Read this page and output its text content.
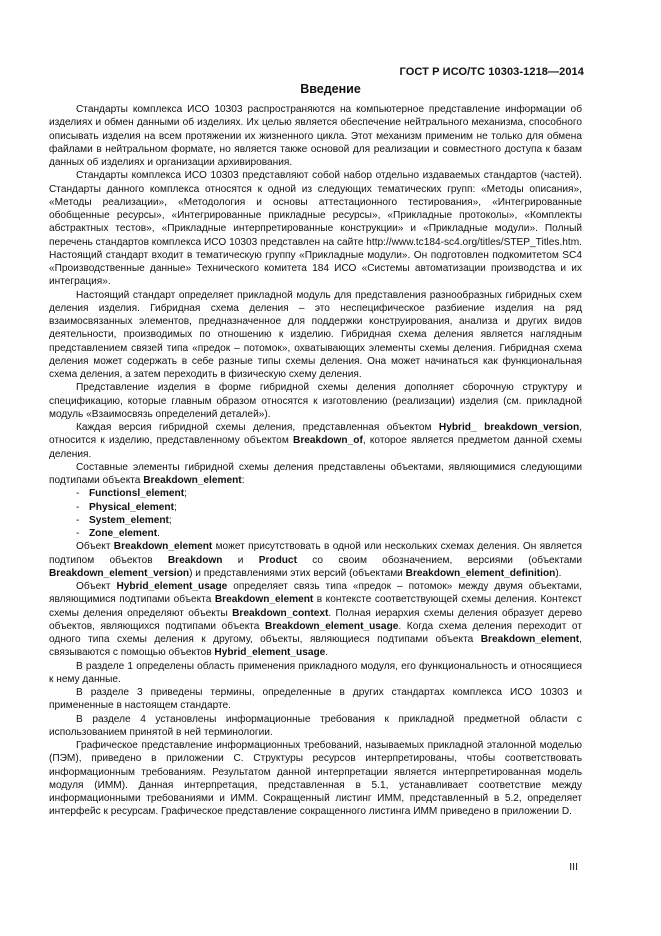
ГОСТ Р ИСО/ТС 10303-1218—2014
Введение

Стандарты комплекса ИСО 10303 распространяются на компьютерное представление информации об изделиях и обмен данными об изделиях. Их целью является обеспечение нейтрального механизма, способного описывать изделия на всем протяжении их жизненного цикла. Этот механизм применим не только для обмена файлами в нейтральном формате, но является также основой для реализации и совместного доступа к базам данных об изделиях и организации архивирования.

Стандарты комплекса ИСО 10303 представляют собой набор отдельно издаваемых стандартов (частей). Стандарты данного комплекса относятся к одной из следующих тематических групп: «Методы описания», «Методы реализации», «Методология и основы аттестационного тестирования», «Интегрированные обобщенные ресурсы», «Интегрированные прикладные ресурсы», «Прикладные протоколы», «Комплекты абстрактных тестов», «Прикладные интерпретированные конструкции» и «Прикладные модули». Полный перечень стандартов комплекса ИСО 10303 представлен на сайте http://www.tc184-sc4.org/titles/STEP_Titles.htm. Настоящий стандарт входит в тематическую группу «Прикладные модули». Он подготовлен подкомитетом SC4 «Производственные данные» Технического комитета 184 ИСО «Системы автоматизации производства и их интеграция».

Настоящий стандарт определяет прикладной модуль для представления разнообразных гибридных схем деления изделия. Гибридная схема деления – это неспецифическое разбиение изделия на ряд взаимосвязанных элементов, предназначенное для поддержки конструирования, анализа и других видов деятельности, производимых по отношению к изделию. Гибридная схема деления является наглядным представлением связей типа «предок – потомок», охватывающих элементы схемы деления. Гибридная схема деления может содержать в себе разные типы схемы деления. Она может начинаться как функциональная схема деления, а затем переходить в физическую схему деления.

Представление изделия в форме гибридной схемы деления дополняет сборочную структуру и спецификацию, которые главным образом относятся к изготовлению (реализации) изделия (см. прикладной модуль «Взаимосвязь определений деталей»).

Каждая версия гибридной схемы деления, представленная объектом Hybrid_ breakdown_version, относится к изделию, представленному объектом Breakdown_of, которое является предметом данной схемы деления.

Составные элементы гибридной схемы деления представлены объектами, являющимися следующими подтипами объекта Breakdown_element:

- Functionsl_element;
- Physical_element;
- System_element;
- Zone_element.

Объект Breakdown_element может присутствовать в одной или нескольких схемах деления. Он является подтипом объектов Breakdown и Product со своим обозначением, версиями (объектами Breakdown_element_version) и представлениями этих версий (объектами Breakdown_element_definition).

Объект Hybrid_element_usage определяет связь типа «предок – потомок» между двумя объектами, являющимися подтипами объекта Breakdown_element в контексте соответствующей схемы деления. Контекст схемы деления определяют объекты Breakdown_context. Полная иерархия схемы деления образует дерево объектов, являющихся подтипами объекта Breakdown_element_usage. Когда схема деления переходит от одного типа схемы деления к другому, объекты, являющиеся подтипами объекта Breakdown_element, связываются с помощью объектов Hybrid_element_usage.

В разделе 1 определены область применения прикладного модуля, его функциональность и относящиеся к нему данные.

В разделе 3 приведены термины, определенные в других стандартах комплекса ИСО 10303 и примененные в настоящем стандарте.

В разделе 4 установлены информационные требования к прикладной предметной области с использованием принятой в ней терминологии.

Графическое представление информационных требований, называемых прикладной эталонной моделью (ПЭМ), приведено в приложении С. Структуры ресурсов интерпретированы, чтобы соответствовать информационным требованиям. Результатом данной интерпретации является интерпретированная модель модуля (ИММ). Данная интерпретация, представленная в 5.1, устанавливает соответствие между информационными требованиями и ИММ. Сокращенный листинг ИММ, представленный в 5.2, определяет интерфейс к ресурсам. Графическое представление сокращенного листинга ИММ приведено в приложении D.

III
